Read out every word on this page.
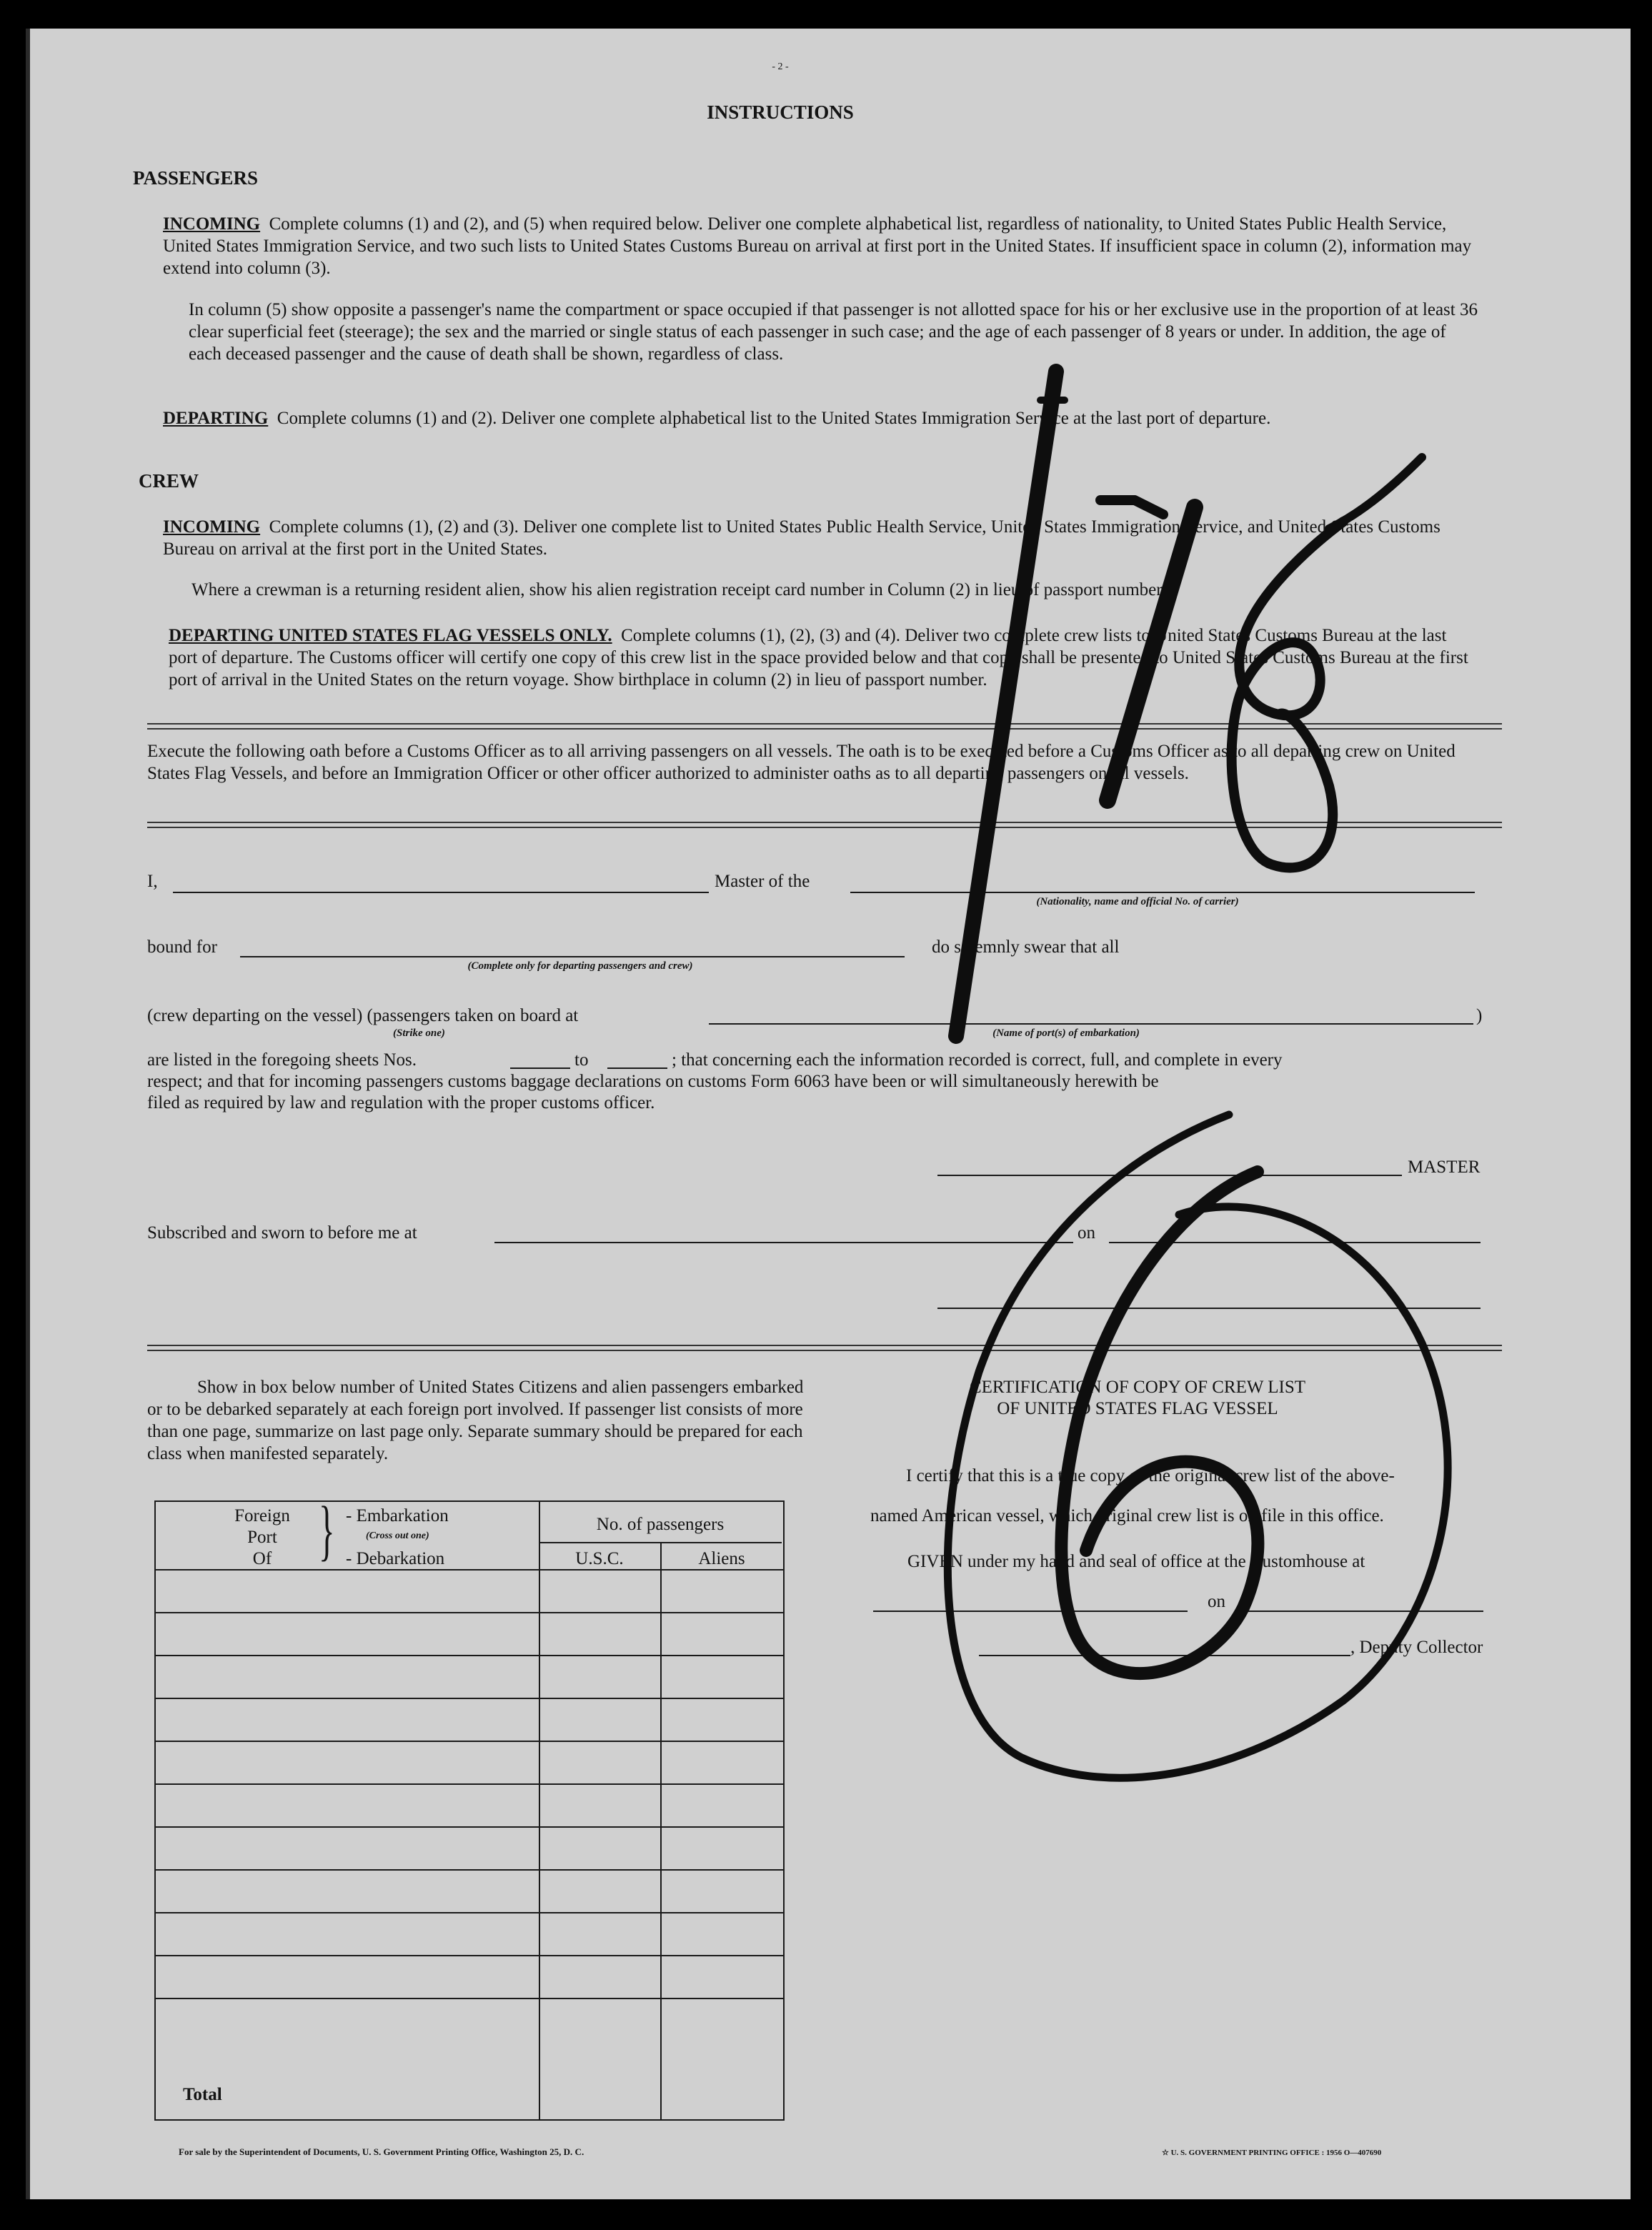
- 2 -
INSTRUCTIONS
PASSENGERS
INCOMING Complete columns (1) and (2), and (5) when required below. Deliver one complete alphabetical list, regardless of nationality, to United States Public Health Service, United States Immigration Service, and two such lists to United States Customs Bureau on arrival at first port in the United States. If insufficient space in column (2), information may extend into column (3).
In column (5) show opposite a passenger's name the compartment or space occupied if that passenger is not allotted space for his or her exclusive use in the proportion of at least 36 clear superficial feet (steerage); the sex and the married or single status of each passenger in such case; and the age of each passenger of 8 years or under. In addition, the age of each deceased passenger and the cause of death shall be shown, regardless of class.
DEPARTING Complete columns (1) and (2). Deliver one complete alphabetical list to the United States Immigration Service at the last port of departure.
CREW
INCOMING Complete columns (1), (2) and (3). Deliver one complete list to United States Public Health Service, United States Immigration Service, and United States Customs Bureau on arrival at the first port in the United States.
Where a crewman is a returning resident alien, show his alien registration receipt card number in Column (2) in lieu of passport number.
DEPARTING UNITED STATES FLAG VESSELS ONLY. Complete columns (1), (2), (3) and (4). Deliver two complete crew lists to United States Customs Bureau at the last port of departure. The Customs officer will certify one copy of this crew list in the space provided below and that copy shall be presented to United States Customs Bureau at the first port of arrival in the United States on the return voyage. Show birthplace in column (2) in lieu of passport number.
Execute the following oath before a Customs Officer as to all arriving passengers on all vessels. The oath is to be executed before a Customs Officer as to all departing crew on United States Flag Vessels, and before an Immigration Officer or other officer authorized to administer oaths as to all departing passengers on all vessels.
I,	Master of the
(Nationality, name and official No. of carrier)
bound for
(Complete only for departing passengers and crew)
do solemnly swear that all
(crew departing on the vessel) (passengers taken on board at
(Strike one)	(Name of port(s) of embarkation)
)
are listed in the foregoing sheets Nos.	to	; that concerning each the information recorded is correct, full, and complete in every
respect; and that for incoming passengers customs baggage declarations on customs Form 6063 have been or will simultaneously herewith be
filed as required by law and regulation with the proper customs officer.
MASTER
Subscribed and sworn to before me at	on
Show in box below number of United States Citizens and alien passengers embarked or to be debarked separately at each foreign port involved. If passenger list consists of more than one page, summarize on last page only. Separate summary should be prepared for each class when manifested separately.
Foreign
Port
Of } - Embarkation
(Cross out one)
- Debarkation
No. of passengers
U.S.C.	Aliens
Total
CERTIFICATION OF COPY OF CREW LIST
OF UNITED STATES FLAG VESSEL
I certify that this is a true copy of the original crew list of the above-
named American vessel, which original crew list is on file in this office.
GIVEN under my hand and seal of office at the Customhouse at
on
, Deputy Collector
For sale by the Superintendent of Documents, U. S. Government Printing Office, Washington 25, D. C.	☆ U. S. GOVERNMENT PRINTING OFFICE : 1956 O—407690
